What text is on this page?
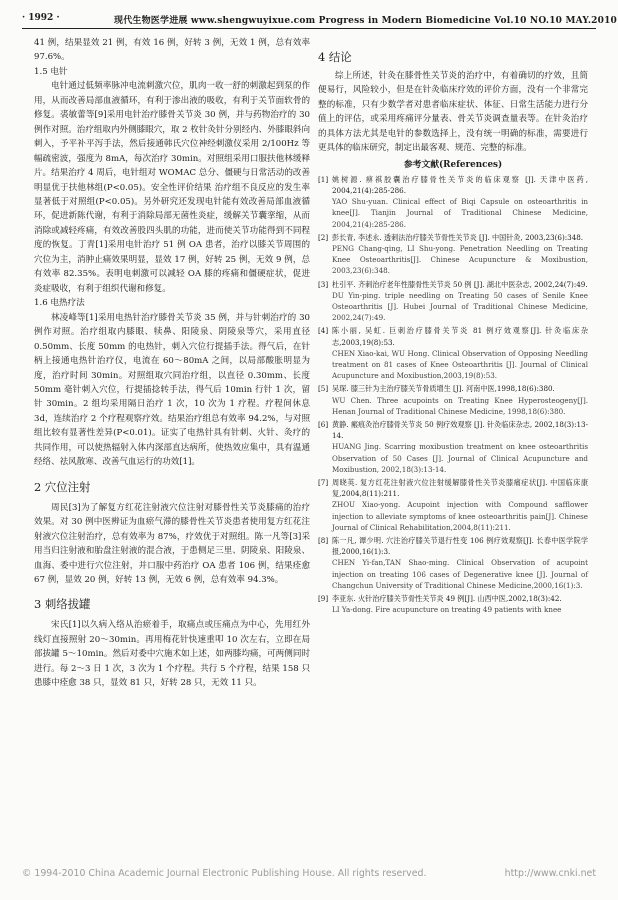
· 1992 ·	现代生物医学进展 www.shengwuyixue.com Progress in Modern Biomedicine Vol.10 NO.10 MAY.2010

41 例，结果显效 21 例，有效 16 例，好转 3 例，无效 1 例，总有效率 97.6%。

1.5 电针

电针通过低频率脉冲电流刺激穴位，肌肉一收一舒的刺激起到泵的作用，从而改善局部血液循环，有利于渗出液的吸收，有利于关节面软骨的修复。裘敏蕾等[9]采用电针治疗膝骨关节炎 30 例，并与药物治疗的 30 例作对照。治疗组取内外侧膝眼穴，取 2 枚针灸针分别经内、外膝眼斜向刺入，予平补平泻手法，然后接通韩氏穴位神经刺激仪采用 2/100Hz 等幅疏密波，强度为 8mA，每次治疗 30min。对照组采用口服扶他林缓释片。结果治疗 4 周后，电针组对 WOMAC 总分、僵硬与日常活动的改善明显优于扶他林组(P<0.05)。安全性评价结果 治疗组不良反应的发生率显著低于对照组(P<0.05)。另外研究还发现电针能有效改善局部血液循环，促进新陈代谢，有利于消除局部无菌性炎症，缓解关节囊挛缩，从而消除或减轻疼痛，有效改善股四头肌的功能，进而使关节功能得到不同程度的恢复。丁青[1]采用电针治疗 51 例 OA 患者，治疗以膝关节周围的穴位为主，消肿止痛效果明显，显效 17 例，好转 25 例，无效 9 例，总有效率 82.35%。表明电刺激可以减轻 OA 膝的疼痛和僵硬症状，促进炎症吸收，有利于组织代谢和修复。

1.6 电热疗法

林凌峰等[1]采用电热针治疗膝骨关节炎 35 例，并与针刺治疗的 30 例作对照。治疗组取内膝眼、犊鼻、阳陵泉、阴陵泉等穴，采用直径 0.50mm、长度 50mm 的电热针，刺入穴位行提插手法。得气后，在针柄上接通电热针治疗仪，电流在 60～80mA 之间，以局部酸胀明显为度，治疗时间 30min。对照组取穴同治疗组，以直径 0.30mm、长度 50mm 毫针刺入穴位，行提插捻转手法，得气后 10min 行针 1 次，留针 30min。2 组均采用隔日治疗 1 次，10 次为 1 疗程。疗程间休息 3d，连续治疗 2 个疗程观察疗效。结果治疗组总有效率 94.2%，与对照组比较有显著性差异(P<0.01)。证实了电热针具有针刺、火针、灸疗的共同作用，可以使热辐射入体内深部直达病所，使热效应集中，具有温通经络、祛风散寒、改善气血运行的功效[1]。

2 穴位注射

周民[3]为了解复方红花注射液穴位注射对膝骨性关节炎膝痛的治疗效果。对 30 例中医辨证为血瘀气滞的膝骨性关节炎患者使用复方红花注射液穴位注射治疗，总有效率为 87%，疗效优于对照组。陈一凡等[3]采用当归注射液和胎盘注射液的混合液，于患侧足三里、阴陵泉、阳陵泉、血海、委中进行穴位注射，并口服中药治疗 OA 患者 106 例，结果痊愈 67 例，显效 20 例，好转 13 例，无效 6 例，总有效率 94.3%。

3 刺络拔罐

宋氏[1]以久病入络从治瘀着手，取痛点或压痛点为中心，先用红外线灯直接照射 20～30min。再用梅花针快速重叩 10 次左右，立即在局部拔罐 5～10min。然后对委中穴施术如上述，如两膝均痛，可两侧同时进行。每 2～3 日 1 次，3 次为 1 个疗程。共行 5 个疗程，结果 158 只患膝中痊愈 38 只，显效 81 只，好转 28 只，无效 11 只。

4 结论

综上所述，针灸在膝骨性关节炎的治疗中，有着确切的疗效，且简便易行，风险较小，但是在针灸临床疗效的评价方面，没有一个非常完整的标准，只有少数学者对患者临床症状、体征、日常生活能力进行分值上的评估，或采用疼痛评分量表、骨关节炎调查量表等。在针灸治疗的具体方法尤其是电针的参数选择上，没有统一明确的标准，需要进行更具体的临床研究，制定出最客观、规范、完整的标准。

参考文献(References)
[1] 姚树源. 痹祺胶囊治疗膝骨性关节炎的临床观察 [J]. 天津中医药, 2004,21(4):285-286.
YAO Shu-yuan. Clinical effect of Biqi Capsule on osteoarthritis in knee[J]. Tianjin Journal of Traditional Chinese Medicine, 2004,21(4):285-286.
[2] 彭长青, 李述永. 透刺法治疗膝关节骨性关节炎 [J]. 中国针灸, 2003,23(6):348.
PENG Chang-qing, LI Shu-yong. Penetration Needling on Treating Knee Osteoarthritis[J]. Chinese Acupuncture & Moxibustion, 2003,23(6):348.
[3] 杜引平. 齐刺治疗老年性膝骨性关节炎 50 例 [J]. 湖北中医杂志, 2002,24(7):49.
DU Yin-ping. triple needling on Treating 50 cases of Senile Knee Osteoarthritis [J]. Hubei Journal of Traditional Chinese Medicine, 2002,24(7):49.
[4] 陈小丽, 吴虹. 巨刺治疗膝骨关节炎 81 例疗效观察[J]. 针灸临床杂志,2003,19(8):53.
CHEN Xiao-kai, WU Hong. Clinical Observation of Opposing Needling treatment on 81 cases of Knee Osteoarthritis [J]. Journal of Clinical Acupuncture and Moxibustion,2003,19(8):53.
[5] 吴琛. 膝三针为主治疗膝关节骨质增生 [J]. 河南中医,1998,18(6):380.
WU Chen. Three acupoints on Treating Knee Hyperosteogeny[J]. Henan Journal of Traditional Chinese Medicine, 1998,18(6):380.
[6] 黄静. 瘢痕灸治疗膝骨关节炎 50 例疗效观察 [J]. 针灸临床杂志, 2002,18(3):13-14.
HUANG Jing. Scarring moxibustion treatment on knee osteoarthritis Observation of 50 Cases [J]. Journal of Clinical Acupuncture and Moxibustion, 2002,18(3):13-14.
[7] 周晓英. 复方红花注射液穴位注射缓解膝骨性关节炎膝痛症状[J]. 中国临床康复,2004,8(11):211.
ZHOU Xiao-yong. Acupoint injection with Compound safflower injection to alleviate symptoms of knee osteoarthritis pain[J]. Chinese Journal of Clinical Rehabilitation,2004,8(11):211.
[8] 陈一凡, 谭少明. 穴注治疗膝关节退行性变 106 例疗效观察[J]. 长春中医学院学报,2000,16(1):3.
CHEN Yi-fan,TAN Shao-ming. Clinical Observation of acupoint injection on treating 106 cases of Degenerative knee [J]. Journal of Changchun University of Traditional Chinese Medicine,2000,16(1):3.
[9] 李亚东. 火针治疗膝关节骨性关节炎 49 例[J]. 山西中医,2002,18(3):42.
LI Ya-dong. Fire acupuncture on treating 49 patients with knee
© 1994-2010 China Academic Journal Electronic Publishing House. All rights reserved.	http://www.cnki.net
